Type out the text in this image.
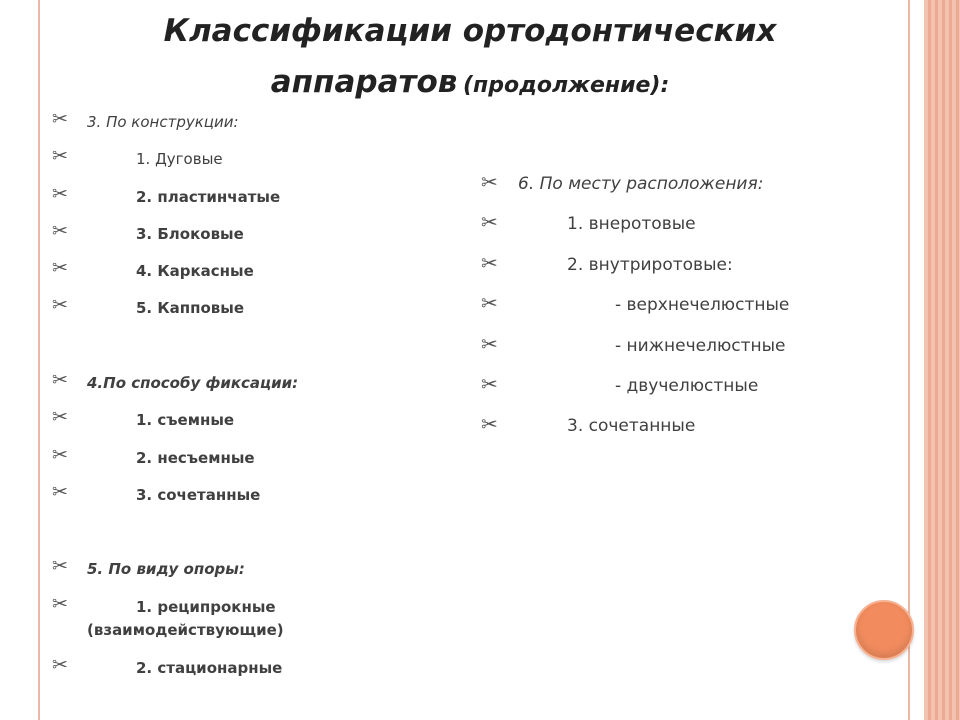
Классификации ортодонтических
аппаратов (продолжение):
✂ 3. По конструкции:
✂	1. Дуговые
✂	2. пластинчатые
✂	3. Блоковые
✂	4. Каркасные
✂	5. Капповые
✂ 4.По способу фиксации:
✂	1. съемные
✂	2. несъемные
✂	3. сочетанные
✂ 5. По виду опоры:
✂	1. реципрокные
(взаимодействующие)
✂	2. стационарные
✂ 6. По месту расположения:
✂	1. внеротовые
✂	2. внутриротовые:
✂	- верхнечелюстные
✂	- нижнечелюстные
✂	- двучелюстные
✂	3. сочетанные
